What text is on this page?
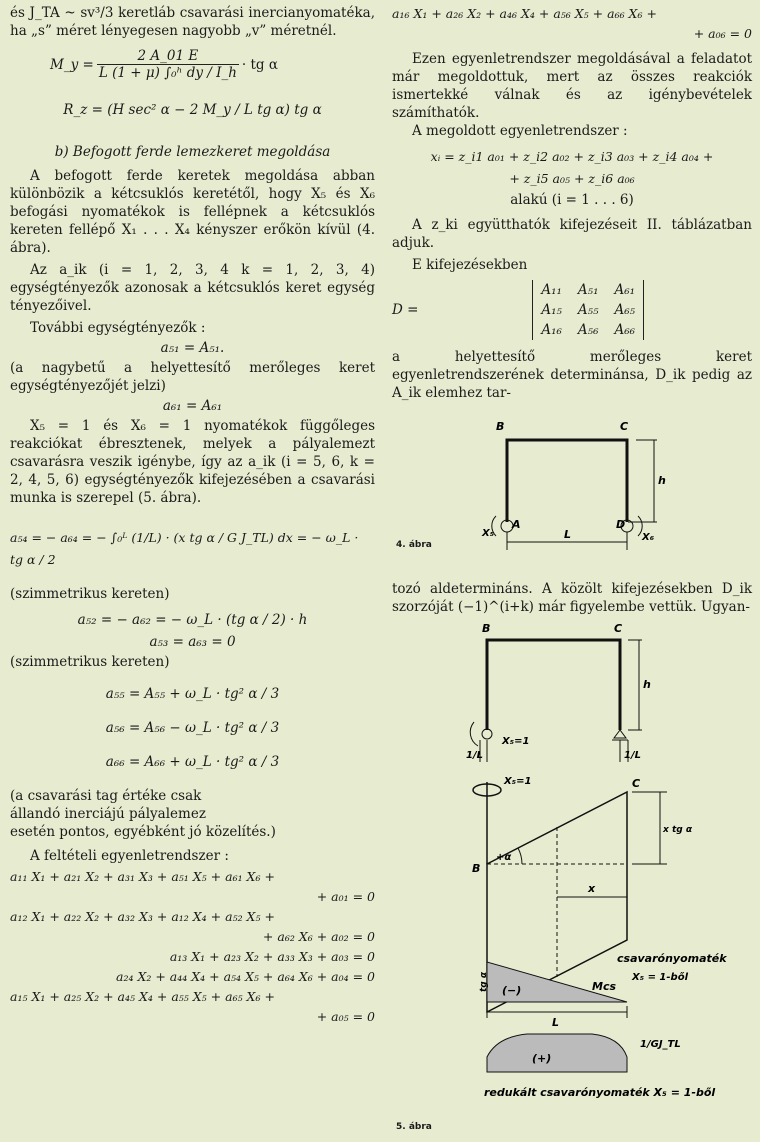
és J_TA ~ sv³/3 keretláb csavarási inercianyomatéka, ha „s” méret lényegesen nagyobb „v” méretnél.

M_y = $\frac{2 A\_01 E}{\text{L (1 + μ) ∫₀ʰ dy / I\_h}}$ · tg α

R_z = (H sec² α − 2 M_y / L tg α) tg α

b) Befogott ferde lemezkeret megoldása

A befogott ferde keretek megoldása abban különbözik a kétcsuklós keretétől, hogy X₅ és X₆ befogási nyomatékok is fellépnek a kétcsuklós kereten fellépő X₁ . . . X₄ kényszer erőkön kívül (4. ábra).

Az a_ik (i = 1, 2, 3, 4 k = 1, 2, 3, 4) egységtényezők azonosak a kétcsuklós keret egység tényezőivel.

További egységtényezők :

a₅₁ = A₅₁.

(a nagybetű a helyettesítő merőleges keret egységtényezőjét jelzi)

a₆₁ = A₆₁

X₅ = 1 és X₆ = 1 nyomatékok függőleges reakciókat ébresztenek, melyek a pályalemezt csavarásra veszik igénybe, így az a_ik (i = 5, 6, k = 2, 4, 5, 6) egységtényezők kifejezésében a csavarási munka is szerepel (5. ábra).

a₅₄ = − a₆₄ = − ∫₀ᴸ (1/L) · (x tg α / G J_TL) dx = − ω_L · tg α / 2

(szimmetrikus kereten)

a₅₂ = − a₆₂ = − ω_L · (tg α / 2) · h

a₅₃ = a₆₃ = 0

(szimmetrikus kereten)

a₅₅ = A₅₅ + ω_L · tg² α / 3

a₅₆ = A₅₆ − ω_L · tg² α / 3

a₆₆ = A₆₆ + ω_L · tg² α / 3

(a csavarási tag értéke csak

állandó inerciájú pályalemez

esetén pontos, egyébként jó közelítés.)

A feltételi egyenletrendszer :

a₁₁ X₁ + a₂₁ X₂ + a₃₁ X₃ + a₅₁ X₅ + a₆₁ X₆ +

+ a₀₁ = 0

a₁₂ X₁ + a₂₂ X₂ + a₃₂ X₃ + a₁₂ X₄ + a₅₂ X₅ +

+ a₆₂ X₆ + a₀₂ = 0

a₁₃ X₁ + a₂₃ X₂ + a₃₃ X₃ + a₀₃ = 0

a₂₄ X₂ + a₄₄ X₄ + a₅₄ X₅ + a₆₄ X₆ + a₀₄ = 0

a₁₅ X₁ + a₂₅ X₂ + a₄₅ X₄ + a₅₅ X₅ + a₆₅ X₆ +

+ a₀₅ = 0

a₁₆ X₁ + a₂₆ X₂ + a₄₆ X₄ + a₅₆ X₅ + a₆₆ X₆ +

+ a₀₆ = 0

Ezen egyenletrendszer megoldásával a feladatot már megoldottuk, mert az összes reakciók ismertekké válnak és az igénybevételek számíthatók.

A megoldott egyenletrendszer :

xᵢ = z_i1 a₀₁ + z_i2 a₀₂ + z_i3 a₀₃ + z_i4 a₀₄ +

+ z_i5 a₀₅ + z_i6 a₀₆

alakú (i = 1 . . . 6)

A z_ki együtthatók kifejezéseit II. táblázatban adjuk.

E kifejezésekben

D =
A₁₁	A₅₁	A₆₁
A₁₅	A₅₅	A₆₅
A₁₆	A₅₆	A₆₆

a helyettesítő merőleges keret egyenletrendszerének determinánsa, D_ik pedig az A_ik elemhez tar-

B	C
A	D
h
L
X₅	X₆
4. ábra

tozó aldetermináns. A közölt kifejezésekben D_ik szorzóját (−1)^(i+k) már figyelembe vettük. Ugyan-

B	C
h
X₅=1
1/L	1/L
X₅=1	C
B
+α
x
x tg α
(−)	Mcs
csavarónyomaték
X₅ = 1-ből
L
tg α
(+)
1/GJ_TL
redukált csavarónyomaték X₅ = 1-ből
5. ábra
